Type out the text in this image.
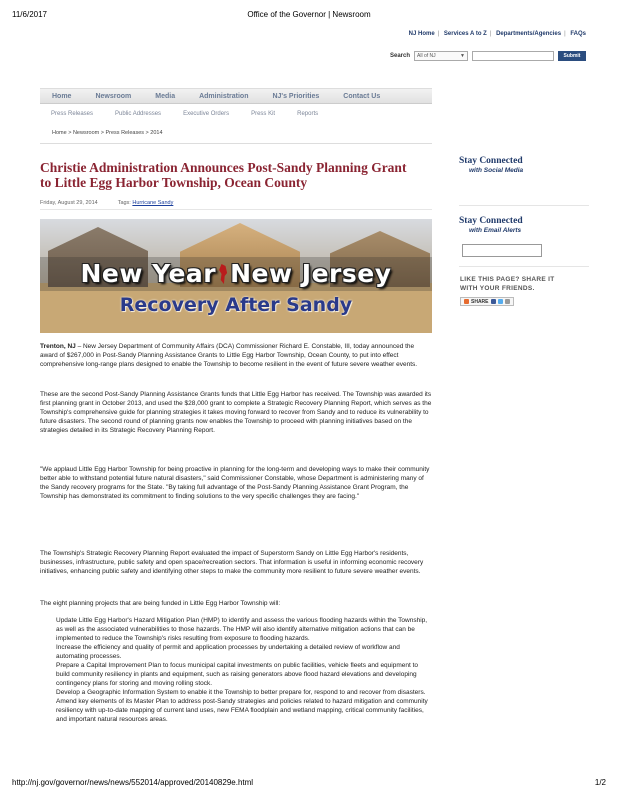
11/6/2017	Office of the Governor | Newsroom
NJ Home | Services A to Z | Departments/Agencies | FAQs
Search	All of NJ	▼	Submit
Home	Newsroom	Media	Administration	NJ's Priorities	Contact Us
Press Releases	Public Addresses	Executive Orders	Press Kit	Reports
Home > Newsroom > Press Releases > 2014
Christie Administration Announces Post-Sandy Planning Grant to Little Egg Harbor Township, Ocean County
Friday, August 29, 2014	Tags: Hurricane Sandy
New Year New Jersey
Recovery After Sandy

Trenton, NJ – New Jersey Department of Community Affairs (DCA) Commissioner Richard E. Constable, III, today announced the award of $267,000 in Post-Sandy Planning Assistance Grants to Little Egg Harbor Township, Ocean County, to put into effect comprehensive long-range plans designed to enable the Township to become resilient in the event of future severe weather events.

These are the second Post-Sandy Planning Assistance Grants funds that Little Egg Harbor has received. The Township was awarded its first planning grant in October 2013, and used the $28,000 grant to complete a Strategic Recovery Planning Report, which serves as the Township's comprehensive guide for planning strategies it takes moving forward to recover from Sandy and to reduce its vulnerability to future disasters. The second round of planning grants now enables the Township to proceed with planning initiatives based on the strategies detailed in its Strategic Recovery Planning Report.

"We applaud Little Egg Harbor Township for being proactive in planning for the long-term and developing ways to make their community better able to withstand potential future natural disasters," said Commissioner Constable, whose Department is administering many of the Sandy recovery programs for the State. "By taking full advantage of the Post-Sandy Planning Assistance Grant Program, the Township has demonstrated its commitment to finding solutions to the very specific challenges they are facing."

The Township's Strategic Recovery Planning Report evaluated the impact of Superstorm Sandy on Little Egg Harbor's residents, businesses, infrastructure, public safety and open space/recreation sectors. That information is useful in informing economic recovery initiatives, enhancing public safety and identifying other steps to make the community more resilient to future severe weather events.

The eight planning projects that are being funded in Little Egg Harbor Township will:

Update Little Egg Harbor's Hazard Mitigation Plan (HMP) to identify and assess the various flooding hazards within the Township, as well as the associated vulnerabilities to those hazards. The HMP will also identify alternative mitigation actions that can be implemented to reduce the Township's risks resulting from exposure to flooding hazards.
Increase the efficiency and quality of permit and application processes by undertaking a detailed review of workflow and automating processes.
Prepare a Capital Improvement Plan to focus municipal capital investments on public facilities, vehicle fleets and equipment to build community resiliency in plants and equipment, such as raising generators above flood hazard elevations and developing contingency plans for storing and moving rolling stock.
Develop a Geographic Information System to enable it the Township to better prepare for, respond to and recover from disasters.
Amend key elements of its Master Plan to address post-Sandy strategies and policies related to hazard mitigation and community resiliency with up-to-date mapping of current land uses, new FEMA floodplain and wetland mapping, critical community facilities, and important natural resources areas.
Stay Connected
with Social Media
Stay Connected
with Email Alerts
LIKE THIS PAGE? SHARE IT WITH YOUR FRIENDS.
SHARE
http://nj.gov/governor/news/news/552014/approved/20140829e.html	1/2
